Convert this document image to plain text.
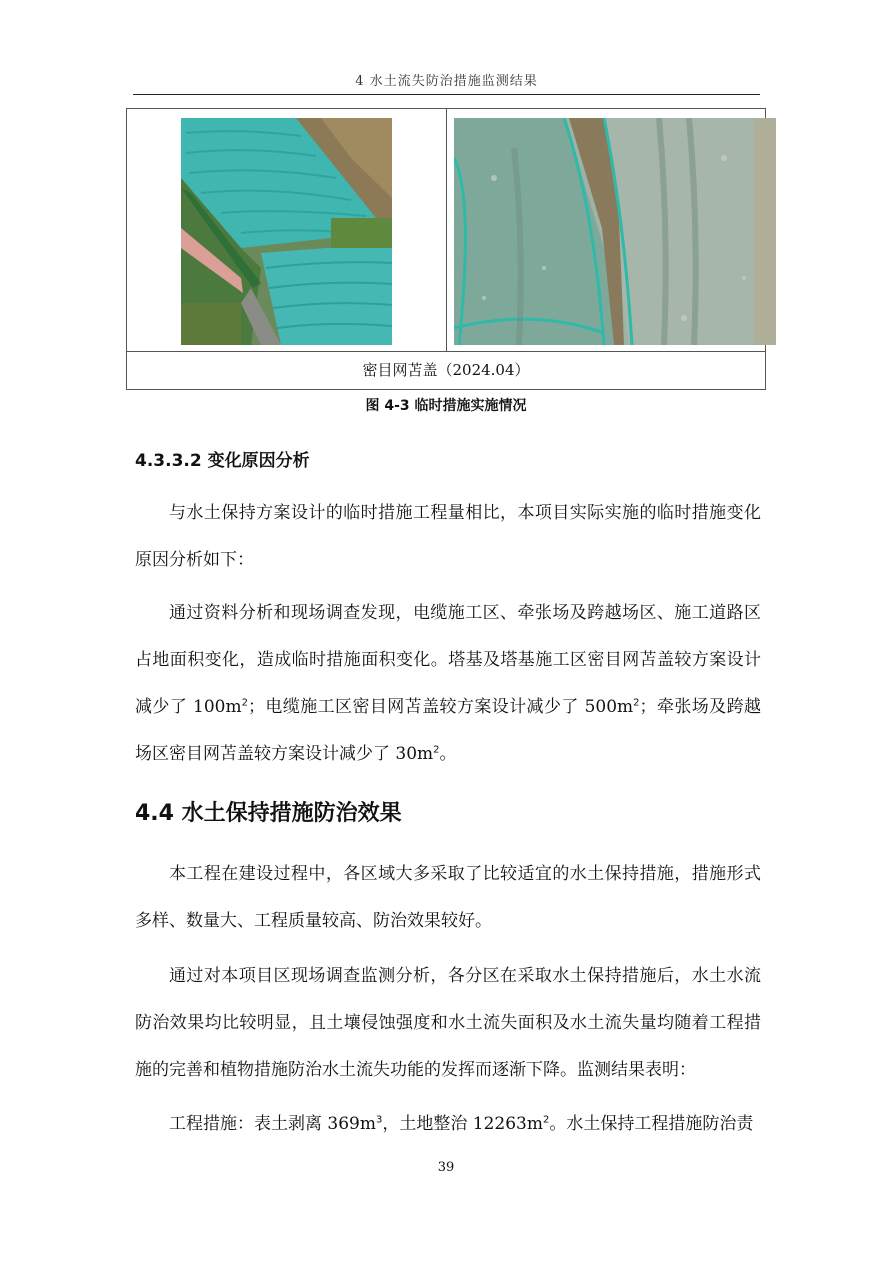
4 水土流失防治措施监测结果
密目网苫盖（2024.04）
图 4-3 临时措施实施情况
4.3.3.2 变化原因分析
与水土保持方案设计的临时措施工程量相比，本项目实际实施的临时措施变化原因分析如下：
通过资料分析和现场调查发现，电缆施工区、牵张场及跨越场区、施工道路区占地面积变化，造成临时措施面积变化。塔基及塔基施工区密目网苫盖较方案设计减少了 $100m^2$；电缆施工区密目网苫盖较方案设计减少了 $500m^2$；牵张场及跨越场区密目网苫盖较方案设计减少了 $30m^2$。
4.4 水土保持措施防治效果
本工程在建设过程中，各区域大多采取了比较适宜的水土保持措施，措施形式多样、数量大、工程质量较高、防治效果较好。
通过对本项目区现场调查监测分析，各分区在采取水土保持措施后，水土水流防治效果均比较明显，且土壤侵蚀强度和水土流失面积及水土流失量均随着工程措施的完善和植物措施防治水土流失功能的发挥而逐渐下降。监测结果表明：
工程措施：表土剥离 $369m^3$，土地整治 $12263m^2$。水土保持工程措施防治责
39
